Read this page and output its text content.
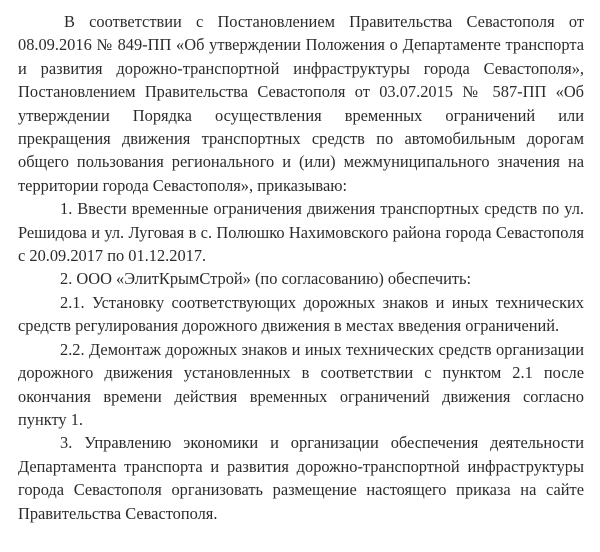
В соответствии с Постановлением Правительства Севастополя от 08.09.2016 № 849-ПП «Об утверждении Положения о Департаменте транспорта и развития дорожно-транспортной инфраструктуры города Севастополя», Постановлением Правительства Севастополя от 03.07.2015 № 587-ПП «Об утверждении Порядка осуществления временных ограничений или прекращения движения транспортных средств по автомобильным дорогам общего пользования регионального и (или) межмуниципального значения на территории города Севастополя», приказываю:

1. Ввести временные ограничения движения транспортных средств по ул. Решидова и ул. Луговая в с. Полюшко Нахимовского района города Севастополя с 20.09.2017 по 01.12.2017.

2. ООО «ЭлитКрымСтрой» (по согласованию) обеспечить:

2.1. Установку соответствующих дорожных знаков и иных технических средств регулирования дорожного движения в местах введения ограничений.

2.2. Демонтаж дорожных знаков и иных технических средств организации дорожного движения установленных в соответствии с пунктом 2.1 после окончания времени действия временных ограничений движения согласно пункту 1.

3. Управлению экономики и организации обеспечения деятельности Департамента транспорта и развития дорожно-транспортной инфраструктуры города Севастополя организовать размещение настоящего приказа на сайте Правительства Севастополя.
